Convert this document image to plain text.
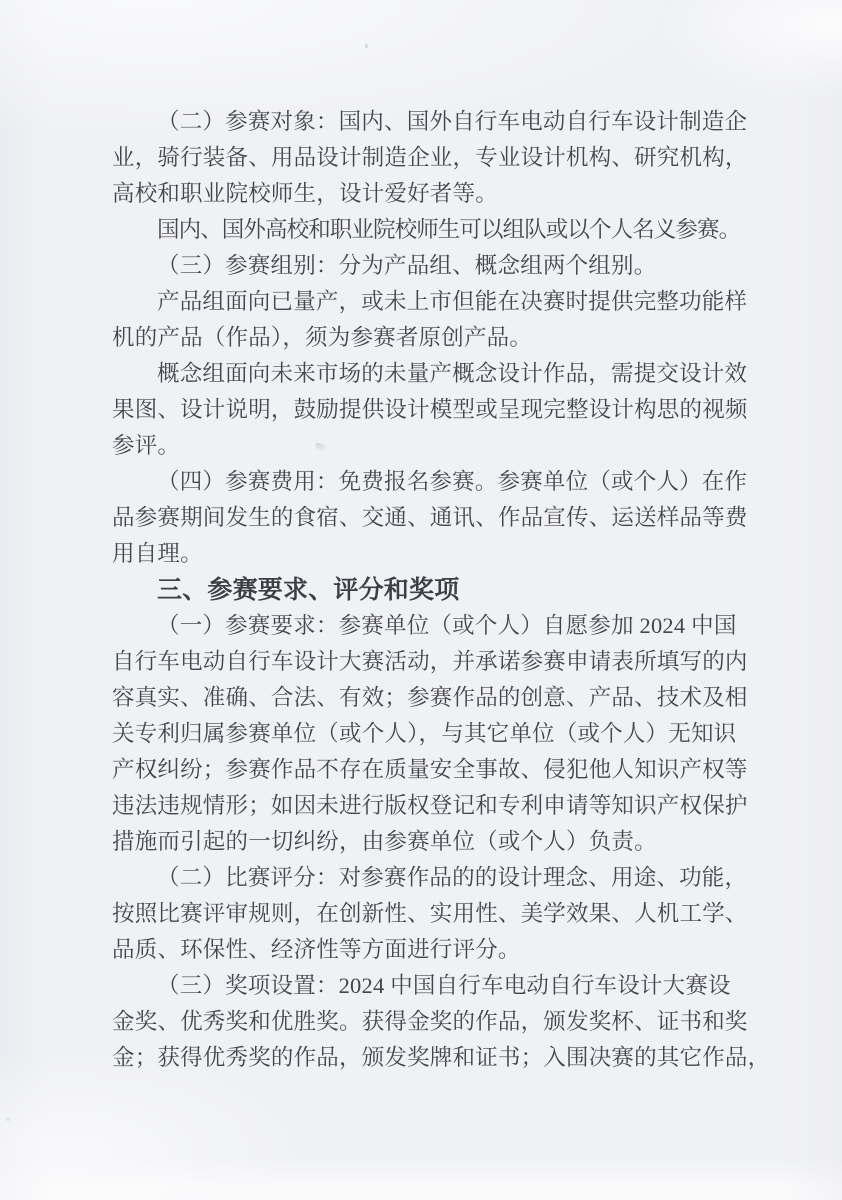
（二）参赛对象：国内、国外自行车电动自行车设计制造企
业，骑行装备、用品设计制造企业，专业设计机构、研究机构，
高校和职业院校师生，设计爱好者等。
国内、国外高校和职业院校师生可以组队或以个人名义参赛。
（三）参赛组别：分为产品组、概念组两个组别。
产品组面向已量产，或未上市但能在决赛时提供完整功能样
机的产品（作品），须为参赛者原创产品。
概念组面向未来市场的未量产概念设计作品，需提交设计效
果图、设计说明，鼓励提供设计模型或呈现完整设计构思的视频
参评。
（四）参赛费用：免费报名参赛。参赛单位（或个人）在作
品参赛期间发生的食宿、交通、通讯、作品宣传、运送样品等费
用自理。
三、参赛要求、评分和奖项
（一）参赛要求：参赛单位（或个人）自愿参加 2024 中国
自行车电动自行车设计大赛活动，并承诺参赛申请表所填写的内
容真实、准确、合法、有效；参赛作品的创意、产品、技术及相
关专利归属参赛单位（或个人），与其它单位（或个人）无知识
产权纠纷；参赛作品不存在质量安全事故、侵犯他人知识产权等
违法违规情形；如因未进行版权登记和专利申请等知识产权保护
措施而引起的一切纠纷，由参赛单位（或个人）负责。
（二）比赛评分：对参赛作品的的设计理念、用途、功能，
按照比赛评审规则，在创新性、实用性、美学效果、人机工学、
品质、环保性、经济性等方面进行评分。
（三）奖项设置：2024 中国自行车电动自行车设计大赛设
金奖、优秀奖和优胜奖。获得金奖的作品，颁发奖杯、证书和奖
金；获得优秀奖的作品，颁发奖牌和证书；入围决赛的其它作品，
